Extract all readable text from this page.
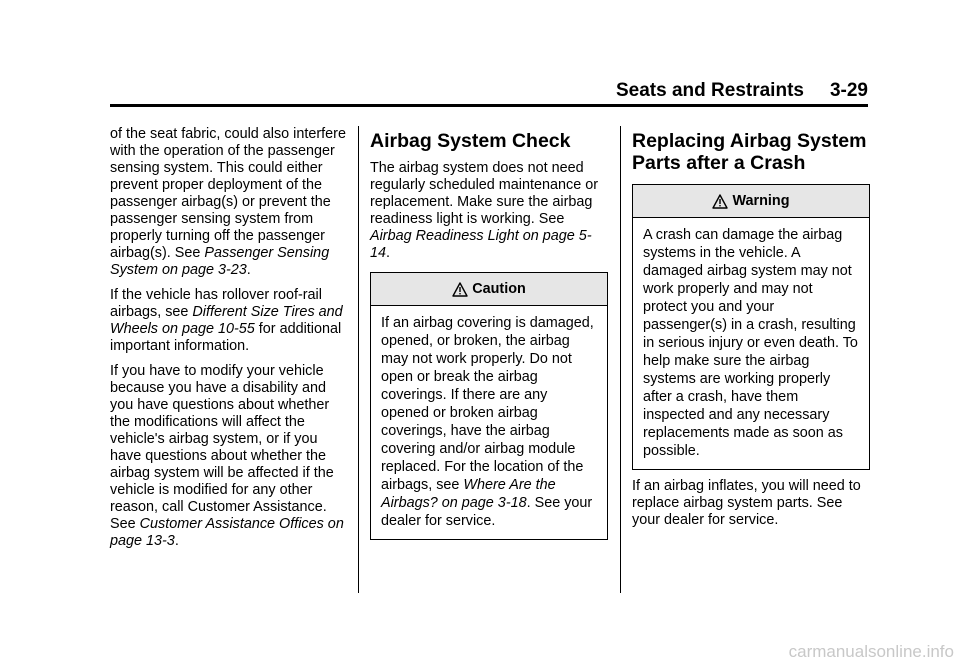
Seats and Restraints 3-29

of the seat fabric, could also interfere with the operation of the passenger sensing system. This could either prevent proper deployment of the passenger airbag(s) or prevent the passenger sensing system from properly turning off the passenger airbag(s). See Passenger Sensing System on page 3-23.

If the vehicle has rollover roof-rail airbags, see Different Size Tires and Wheels on page 10-55 for additional important information.

If you have to modify your vehicle because you have a disability and you have questions about whether the modifications will affect the vehicle's airbag system, or if you have questions about whether the airbag system will be affected if the vehicle is modified for any other reason, call Customer Assistance. See Customer Assistance Offices on page 13-3.

Airbag System Check

The airbag system does not need regularly scheduled maintenance or replacement. Make sure the airbag readiness light is working. See Airbag Readiness Light on page 5-14.

Caution
If an airbag covering is damaged, opened, or broken, the airbag may not work properly. Do not open or break the airbag coverings. If there are any opened or broken airbag coverings, have the airbag covering and/or airbag module replaced. For the location of the airbags, see Where Are the Airbags? on page 3-18. See your dealer for service.
Replacing Airbag System Parts after a Crash
Warning
A crash can damage the airbag systems in the vehicle. A damaged airbag system may not work properly and may not protect you and your passenger(s) in a crash, resulting in serious injury or even death. To help make sure the airbag systems are working properly after a crash, have them inspected and any necessary replacements made as soon as possible.

If an airbag inflates, you will need to replace airbag system parts. See your dealer for service.

carmanualsonline.info
